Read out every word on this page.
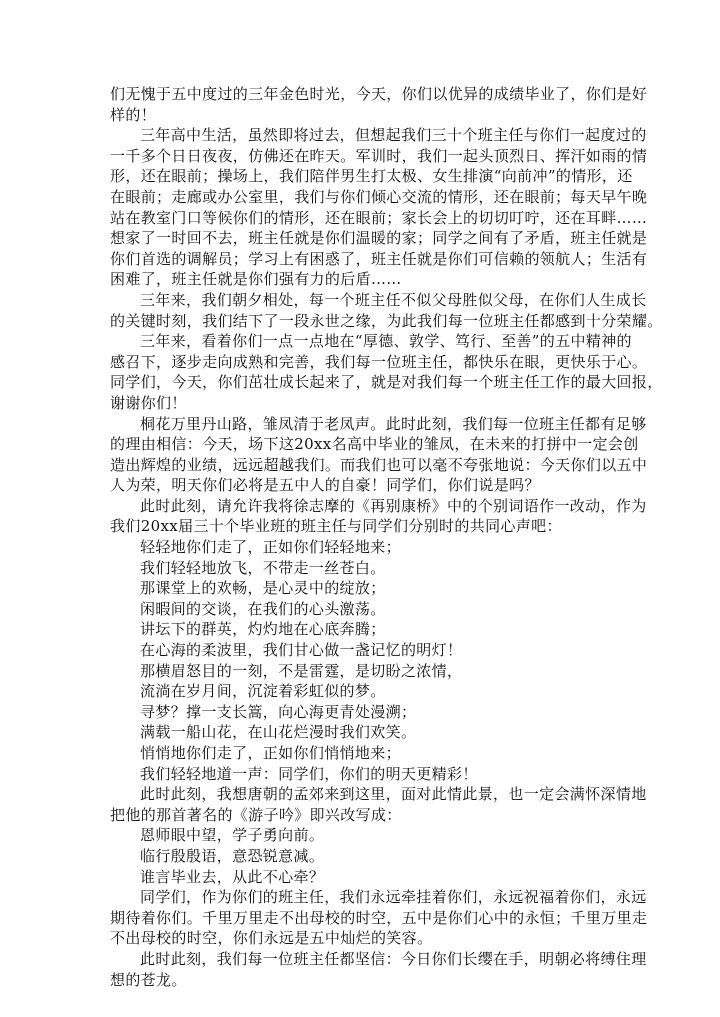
们无愧于五中度过的三年金色时光，今天，你们以优异的成绩毕业了，你们是好
样的！
三年高中生活，虽然即将过去，但想起我们三十个班主任与你们一起度过的
一千多个日日夜夜，仿佛还在昨天。军训时，我们一起头顶烈日、挥汗如雨的情
形，还在眼前；操场上，我们陪伴男生打太极、女生排演“向前冲”的情形，还
在眼前；走廊或办公室里，我们与你们倾心交流的情形，还在眼前；每天早午晚
站在教室门口等候你们的情形，还在眼前；家长会上的切切叮咛，还在耳畔……
想家了一时回不去，班主任就是你们温暖的家；同学之间有了矛盾，班主任就是
你们首选的调解员；学习上有困惑了，班主任就是你们可信赖的领航人；生活有
困难了，班主任就是你们强有力的后盾……
三年来，我们朝夕相处，每一个班主任不似父母胜似父母，在你们人生成长
的关键时刻，我们结下了一段永世之缘，为此我们每一位班主任都感到十分荣耀。
三年来，看着你们一点一点地在“厚德、敦学、笃行、至善”的五中精神的
感召下，逐步走向成熟和完善，我们每一位班主任，都快乐在眼，更快乐于心。
同学们，今天，你们茁壮成长起来了，就是对我们每一个班主任工作的最大回报，
谢谢你们！
桐花万里丹山路，雏凤清于老凤声。此时此刻，我们每一位班主任都有足够
的理由相信：今天，场下这20xx名高中毕业的雏凤，在未来的打拼中一定会创
造出辉煌的业绩，远远超越我们。而我们也可以毫不夸张地说：今天你们以五中
人为荣，明天你们必将是五中人的自豪！同学们，你们说是吗？
此时此刻，请允许我将徐志摩的《再别康桥》中的个别词语作一改动，作为
我们20xx届三十个毕业班的班主任与同学们分别时的共同心声吧：
轻轻地你们走了，正如你们轻轻地来；
我们轻轻地放飞，不带走一丝苍白。
那课堂上的欢畅，是心灵中的绽放；
闲暇间的交谈，在我们的心头激荡。
讲坛下的群英，灼灼地在心底奔腾；
在心海的柔波里，我们甘心做一盏记忆的明灯！
那横眉怒目的一刻，不是雷霆，是切盼之浓情，
流淌在岁月间，沉淀着彩虹似的梦。
寻梦？撑一支长篙，向心海更青处漫溯；
满载一船山花，在山花烂漫时我们欢笑。
悄悄地你们走了，正如你们悄悄地来；
我们轻轻地道一声：同学们，你们的明天更精彩！
此时此刻，我想唐朝的孟郊来到这里，面对此情此景，也一定会满怀深情地
把他的那首著名的《游子吟》即兴改写成：
恩师眼中望，学子勇向前。
临行殷殷语，意恐锐意减。
谁言毕业去，从此不心牵？
同学们，作为你们的班主任，我们永远牵挂着你们，永远祝福着你们，永远
期待着你们。千里万里走不出母校的时空，五中是你们心中的永恒；千里万里走
不出母校的时空，你们永远是五中灿烂的笑容。
此时此刻，我们每一位班主任都坚信：今日你们长缨在手，明朝必将缚住理
想的苍龙。
